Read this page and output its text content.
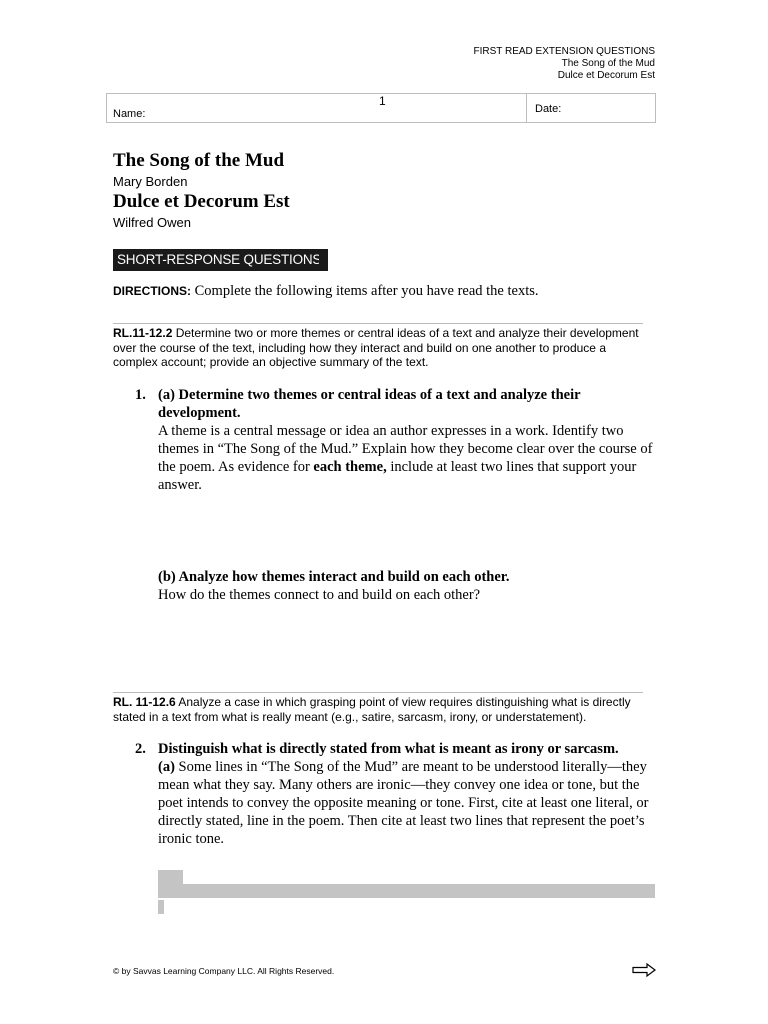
FIRST READ EXTENSION QUESTIONS
The Song of the Mud
Dulce et Decorum Est
Name:
1
Date:
The Song of the Mud
Mary Borden
Dulce et Decorum Est
Wilfred Owen
SHORT-RESPONSE QUESTIONS
DIRECTIONS: Complete the following items after you have read the texts.
RL.11-12.2 Determine two or more themes or central ideas of a text and analyze their development over the course of the text, including how they interact and build on one another to produce a complex account; provide an objective summary of the text.
1. (a) Determine two themes or central ideas of a text and analyze their development.
A theme is a central message or idea an author expresses in a work. Identify two themes in “The Song of the Mud.” Explain how they become clear over the course of the poem. As evidence for each theme, include at least two lines that support your answer.
(b) Analyze how themes interact and build on each other.
How do the themes connect to and build on each other?
RL. 11-12.6 Analyze a case in which grasping point of view requires distinguishing what is directly stated in a text from what is really meant (e.g., satire, sarcasm, irony, or understatement).
2. Distinguish what is directly stated from what is meant as irony or sarcasm.
(a) Some lines in “The Song of the Mud” are meant to be understood literally—they mean what they say. Many others are ironic—they convey one idea or tone, but the poet intends to convey the opposite meaning or tone. First, cite at least one literal, or directly stated, line in the poem. Then cite at least two lines that represent the poet’s ironic tone.
© by Savvas Learning Company LLC. All Rights Reserved.
